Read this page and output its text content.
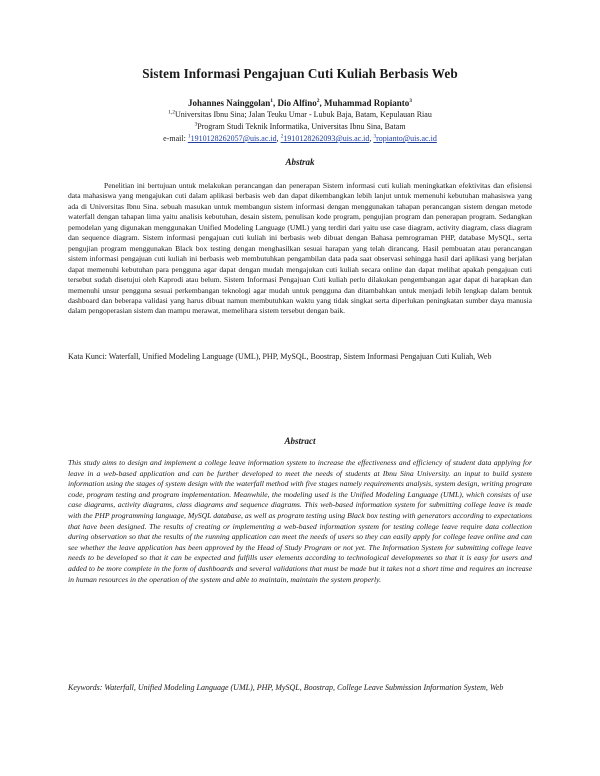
Sistem Informasi Pengajuan Cuti Kuliah Berbasis Web
Johannes Nainggolan$^1$, Dio Alfino$^2$, Muhammad Ropianto$^3$
$^{1,2}$Universitas Ibnu Sina; Jalan Teuku Umar - Lubuk Baja, Batam, Kepulauan Riau
$^3$Program Studi Teknik Informatika, Universitas Ibnu Sina, Batam
e-mail: $^1$1910128262057@uis.ac.id, $^2$1910128262093@uis.ac.id, $^3$ropianto@uis.ac.id
Abstrak

Penelitian ini bertujuan untuk melakukan perancangan dan penerapan Sistem informasi cuti kuliah meningkatkan efektivitas dan efisiensi data mahasiswa yang mengajukan cuti dalam aplikasi berbasis web dan dapat dikembangkan lebih lanjut untuk memenuhi kebutuhan mahasiswa yang ada di Universitas Ibnu Sina. sebuah masukan untuk membangun sistem informasi dengan menggunakan tahapan perancangan sistem dengan metode waterfall dengan tahapan lima yaitu analisis kebutuhan, desain sistem, penulisan kode program, pengujian program dan penerapan program. Sedangkan pemodelan yang digunakan menggunakan Unified Modeling Language (UML) yang terdiri dari yaitu use case diagram, activity diagram, class diagram dan sequence diagram. Sistem informasi pengajuan cuti kuliah ini berbasis web dibuat dengan Bahasa pemrograman PHP, database MySQL, serta pengujian program menggunakan Black box testing dengan menghasilkan sesuai harapan yang telah dirancang. Hasil pembuatan atau perancangan sistem informasi pengajuan cuti kuliah ini berbasis web membutuhkan pengambilan data pada saat observasi sehingga hasil dari aplikasi yang berjalan dapat memenuhi kebutuhan para pengguna agar dapat dengan mudah mengajukan cuti kuliah secara online dan dapat melihat apakah pengajuan cuti tersebut sudah disetujui oleh Kaprodi atau belum. Sistem Informasi Pengajuan Cuti kuliah perlu dilakukan pengembangan agar dapat di harapkan dan memenuhi unsur pengguna sesuai perkembangan teknologi agar mudah untuk pengguna dan ditambahkan untuk menjadi lebih lengkap dalam bentuk dashboard dan beberapa validasi yang harus dibuat namun membutuhkan waktu yang tidak singkat serta diperlukan peningkatan sumber daya manusia dalam pengoperasian sistem dan mampu merawat, memelihara sistem tersebut dengan baik.

Kata Kunci: Waterfall, Unified Modeling Language (UML), PHP, MySQL, Boostrap, Sistem Informasi Pengajuan Cuti Kuliah, Web

Abstract

This study aims to design and implement a college leave information system to increase the effectiveness and efficiency of student data applying for leave in a web-based application and can be further developed to meet the needs of students at Ibnu Sina University. an input to build system information using the stages of system design with the waterfall method with five stages namely requirements analysis, system design, writing program code, program testing and program implementation. Meanwhile, the modeling used is the Unified Modeling Language (UML), which consists of use case diagrams, activity diagrams, class diagrams and sequence diagrams. This web-based information system for submitting college leave is made with the PHP programming language, MySQL database, as well as program testing using Black box testing with generators according to expectations that have been designed. The results of creating or implementing a web-based information system for testing college leave require data collection during observation so that the results of the running application can meet the needs of users so they can easily apply for college leave online and can see whether the leave application has been approved by the Head of Study Program or not yet. The Information System for submitting college leave needs to be developed so that it can be expected and fulfills user elements according to technological developments so that it is easy for users and added to be more complete in the form of dashboards and several validations that must be made but it takes not a short time and requires an increase in human resources in the operation of the system and able to maintain, maintain the system properly.

Keywords: Waterfall, Unified Modeling Language (UML), PHP, MySQL, Boostrap, College Leave Submission Information System, Web
